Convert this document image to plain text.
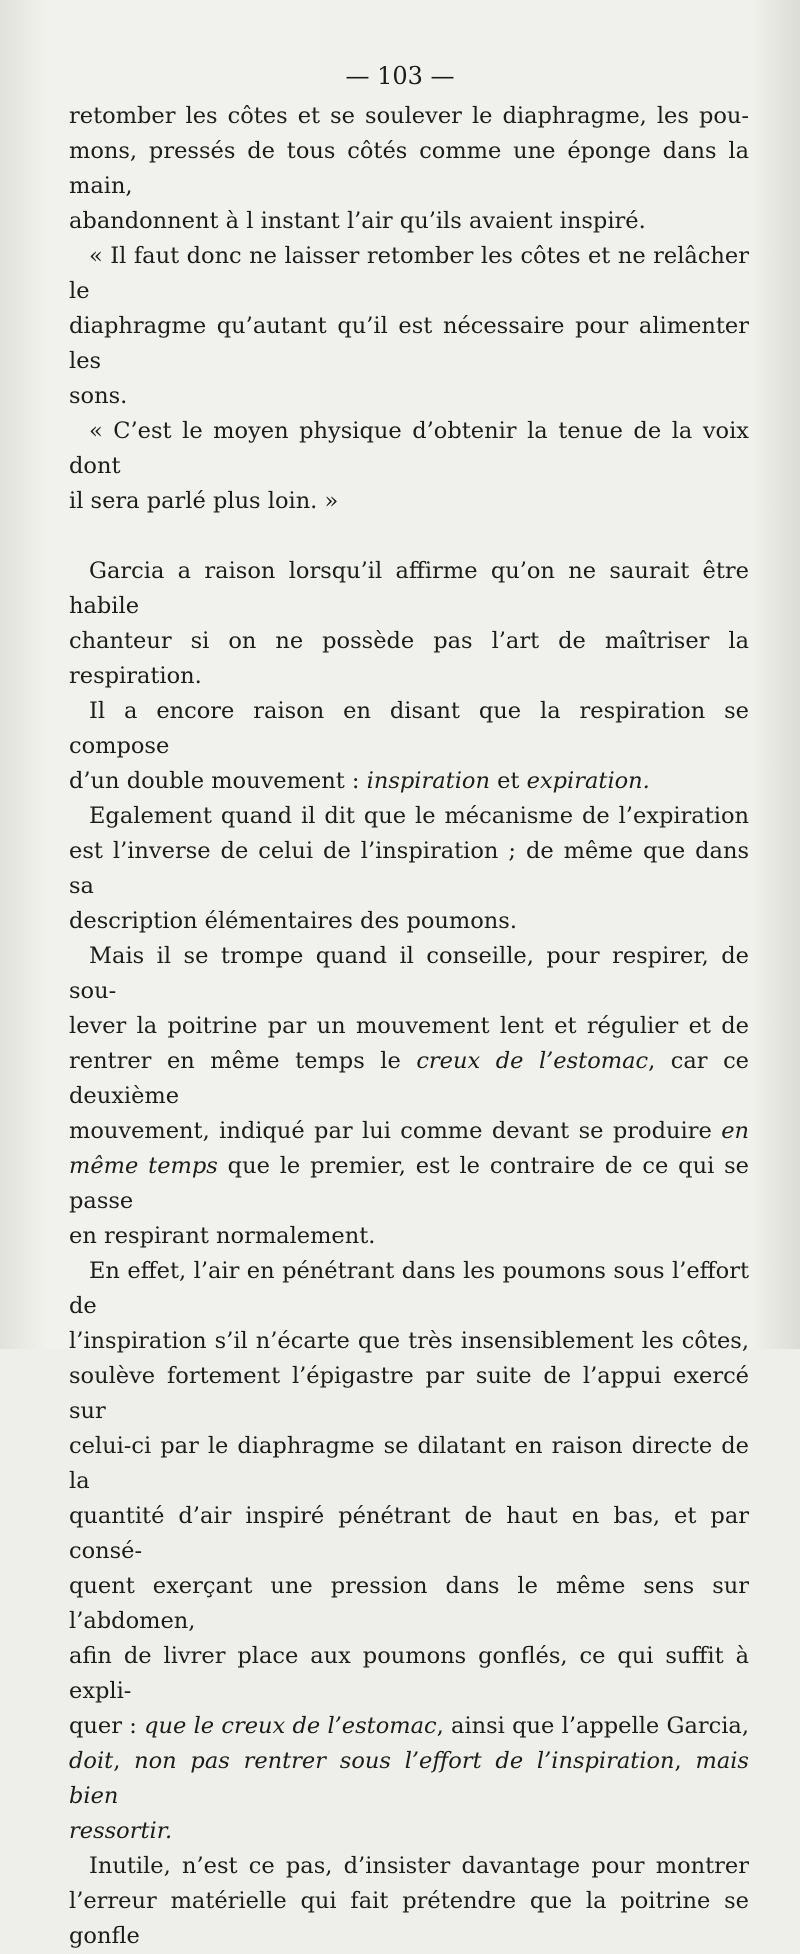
— 103 —

retomber les côtes et se soulever le diaphragme, les pou-

mons, pressés de tous côtés comme une éponge dans la main,

abandonnent à l instant l’air qu’ils avaient inspiré.

« Il faut donc ne laisser retomber les côtes et ne relâcher le

diaphragme qu’autant qu’il est nécessaire pour alimenter les

sons.

« C’est le moyen physique d’obtenir la tenue de la voix dont

il sera parlé plus loin. »

Garcia a raison lorsqu’il affirme qu’on ne saurait être habile

chanteur si on ne possède pas l’art de maîtriser la respiration.

Il a encore raison en disant que la respiration se compose

d’un double mouvement : inspiration et expiration.

Egalement quand il dit que le mécanisme de l’expiration

est l’inverse de celui de l’inspiration ; de même que dans sa

description élémentaires des poumons.

Mais il se trompe quand il conseille, pour respirer, de sou-

lever la poitrine par un mouvement lent et régulier et de

rentrer en même temps le creux de l’estomac, car ce deuxième

mouvement, indiqué par lui comme devant se produire en

même temps que le premier, est le contraire de ce qui se passe

en respirant normalement.

En effet, l’air en pénétrant dans les poumons sous l’effort de

l’inspiration s’il n’écarte que très insensiblement les côtes,

soulève fortement l’épigastre par suite de l’appui exercé sur

celui-ci par le diaphragme se dilatant en raison directe de la

quantité d’air inspiré pénétrant de haut en bas, et par consé-

quent exerçant une pression dans le même sens sur l’abdomen,

afin de livrer place aux poumons gonflés, ce qui suffit à expli-

quer : que le creux de l’estomac, ainsi que l’appelle Garcia,

doit, non pas rentrer sous l’effort de l’inspiration, mais bien

ressortir.

Inutile, n’est ce pas, d’insister davantage pour montrer

l’erreur matérielle qui fait prétendre que la poitrine se gonfle
